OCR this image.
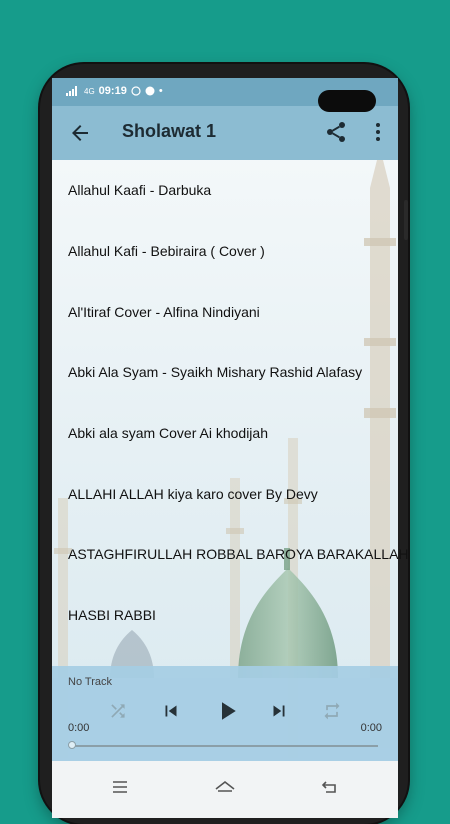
4G 09:19	•
Sholawat 1
Allahul Kaafi - Darbuka
Allahul Kafi - Bebiraira ( Cover )
Al'Itiraf Cover - Alfina Nindiyani
Abki Ala Syam - Syaikh Mishary Rashid Alafasy
Abki ala syam Cover Ai khodijah
ALLAHI ALLAH kiya karo cover By Devy
ASTAGHFIRULLAH ROBBAL BAROYA BARAKALLAH
HASBI RABBI
No Track
0:00	0:00
